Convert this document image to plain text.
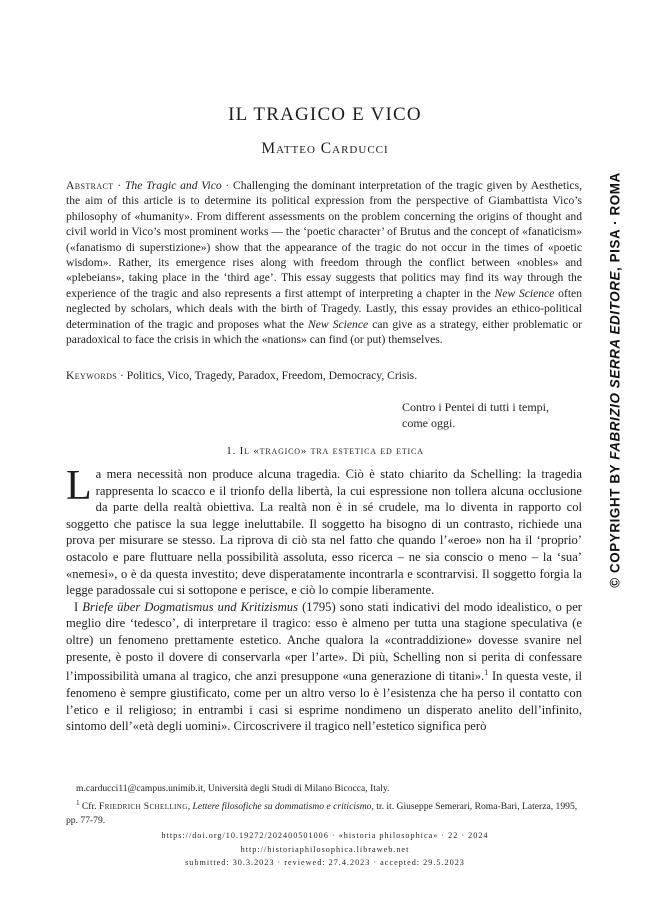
IL TRAGICO E VICO
Matteo Carducci
Abstract · The Tragic and Vico · Challenging the dominant interpretation of the tragic given by Aesthetics, the aim of this article is to determine its political expression from the perspective of Giambattista Vico’s philosophy of «humanity». From different assessments on the problem concerning the origins of thought and civil world in Vico’s most prominent works — the ‘poetic character’ of Brutus and the concept of «fanaticism» («fanatismo di superstizione») show that the appearance of the tragic do not occur in the times of «poetic wisdom». Rather, its emergence rises along with freedom through the conflict between «nobles» and «plebeians», taking place in the ‘third age’. This essay suggests that politics may find its way through the experience of the tragic and also represents a first attempt of interpreting a chapter in the New Science often neglected by scholars, which deals with the birth of Tragedy. Lastly, this essay provides an ethico-political determination of the tragic and proposes what the New Science can give as a strategy, either problematic or paradoxical to face the crisis in which the «nations» can find (or put) themselves.
Keywords · Politics, Vico, Tragedy, Paradox, Freedom, Democracy, Crisis.
Contro i Pentei di tutti i tempi,
come oggi.
1. Il «tragico» tra estetica ed etica

La mera necessità non produce alcuna tragedia. Ciò è stato chiarito da Schelling: la tragedia rappresenta lo scacco e il trionfo della libertà, la cui espressione non tollera alcuna occlusione da parte della realtà obiettiva. La realtà non è in sé crudele, ma lo diventa in rapporto col soggetto che patisce la sua legge ineluttabile. Il soggetto ha bisogno di un contrasto, richiede una prova per misurare se stesso. La riprova di ciò sta nel fatto che quando l’«eroe» non ha il ‘proprio’ ostacolo e pare fluttuare nella possibilità assoluta, esso ricerca – ne sia conscio o meno – la ‘sua’ «nemesi», o è da questa investito; deve disperatamente incontrarla e scontrarvisi. Il soggetto forgia la legge paradossale cui si sottopone e perisce, e ciò lo compie liberamente.

I Briefe über Dogmatismus und Kritizismus (1795) sono stati indicativi del modo idealistico, o per meglio dire ‘tedesco’, di interpretare il tragico: esso è almeno per tutta una stagione speculativa (e oltre) un fenomeno prettamente estetico. Anche qualora la «contraddizione» dovesse svanire nel presente, è posto il dovere di conservarla «per l’arte». Di più, Schelling non si perita di confessare l’impossibilità umana al tragico, che anzi presuppone «una generazione di titani».$^1$ In questa veste, il fenomeno è sempre giustificato, come per un altro verso lo è l’esistenza che ha perso il contatto con l’etico e il religioso; in entrambi i casi si esprime nondimeno un disperato anelito dell’infinito, sintomo dell’«età degli uomini». Circoscrivere il tragico nell’estetico significa però

m.carducci11@campus.unimib.it, Università degli Studi di Milano Bicocca, Italy.

$^1$ Cfr. Friedrich Schelling, Lettere filosofiche su dommatismo e criticismo, tr. it. Giuseppe Semerari, Roma-Bari, Laterza, 1995, pp. 77-79.

https://doi.org/10.19272/202400501006 · «historia philosophica» · 22 · 2024
http://historiaphilosophica.libraweb.net
submitted: 30.3.2023 · reviewed: 27.4.2023 · accepted: 29.5.2023
© COPYRIGHT BY FABRIZIO SERRA EDITORE, PISA · ROMA
